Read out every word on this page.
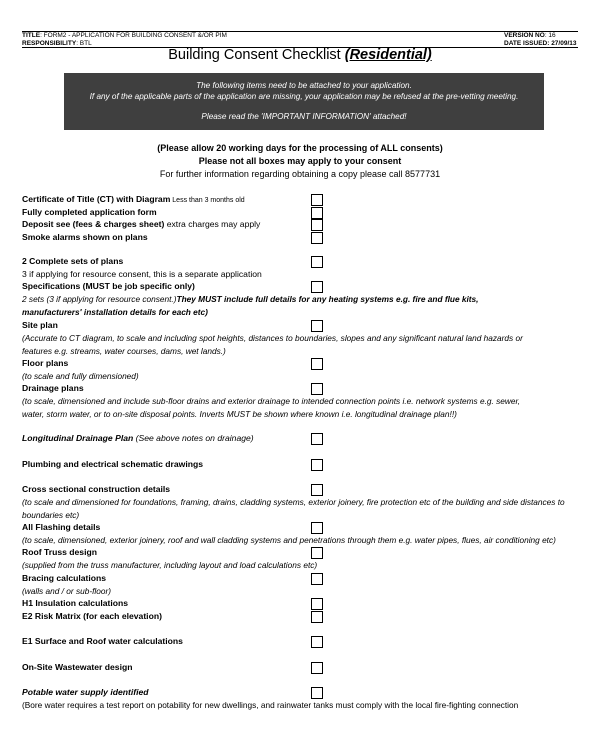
TITLE: FORM2 - APPLICATION FOR BUILDING CONSENT &/OR PIM
RESPONSIBILITY: BTL
VERSION NO: 16
DATE ISSUED: 27/09/13
Building Consent Checklist (Residential)
The following items need to be attached to your application.
If any of the applicable parts of the application are missing, your application may be refused at the pre-vetting meeting.
Please read the 'IMPORTANT INFORMATION' attached!
(Please allow 20 working days for the processing of ALL consents)
Please not all boxes may apply to your consent
For further information regarding obtaining a copy please call 8577731
Certificate of Title (CT) with Diagram Less than 3 months old
Fully completed application form
Deposit see (fees & charges sheet) extra charges may apply
Smoke alarms shown on plans
2 Complete sets of plans
3 if applying for resource consent, this is a separate application
Specifications (MUST be job specific only)
2 sets (3 if applying for resource consent.)They MUST include full details for any heating systems e.g. fire and flue kits,
manufacturers' installation details for each etc)
Site plan
(Accurate to CT diagram, to scale and including spot heights, distances to boundaries, slopes and any significant natural land hazards or
features e.g. streams, water courses, dams, wet lands.)
Floor plans
(to scale and fully dimensioned)
Drainage plans
(to scale, dimensioned and include sub-floor drains and exterior drainage to intended connection points i.e. network systems e.g. sewer,
water, storm water, or to on-site disposal points. Inverts MUST be shown where known i.e. longitudinal drainage plan!!)
Longitudinal Drainage Plan (See above notes on drainage)
Plumbing and electrical schematic drawings
Cross sectional construction details
(to scale and dimensioned for foundations, framing, drains, cladding systems, exterior joinery, fire protection etc of the building and side distances to
boundaries etc)
All Flashing details
(to scale, dimensioned, exterior joinery, roof and wall cladding systems and penetrations through them e.g. water pipes, flues, air conditioning etc)
Roof Truss design
(supplied from the truss manufacturer, including layout and load calculations etc)
Bracing calculations
(walls and / or sub-floor)
H1 Insulation calculations
E2 Risk Matrix (for each elevation)
E1 Surface and Roof water calculations
On-Site Wastewater design
Potable water supply identified
(Bore water requires a test report on potability for new dwellings, and rainwater tanks must comply with the local fire-fighting connection
